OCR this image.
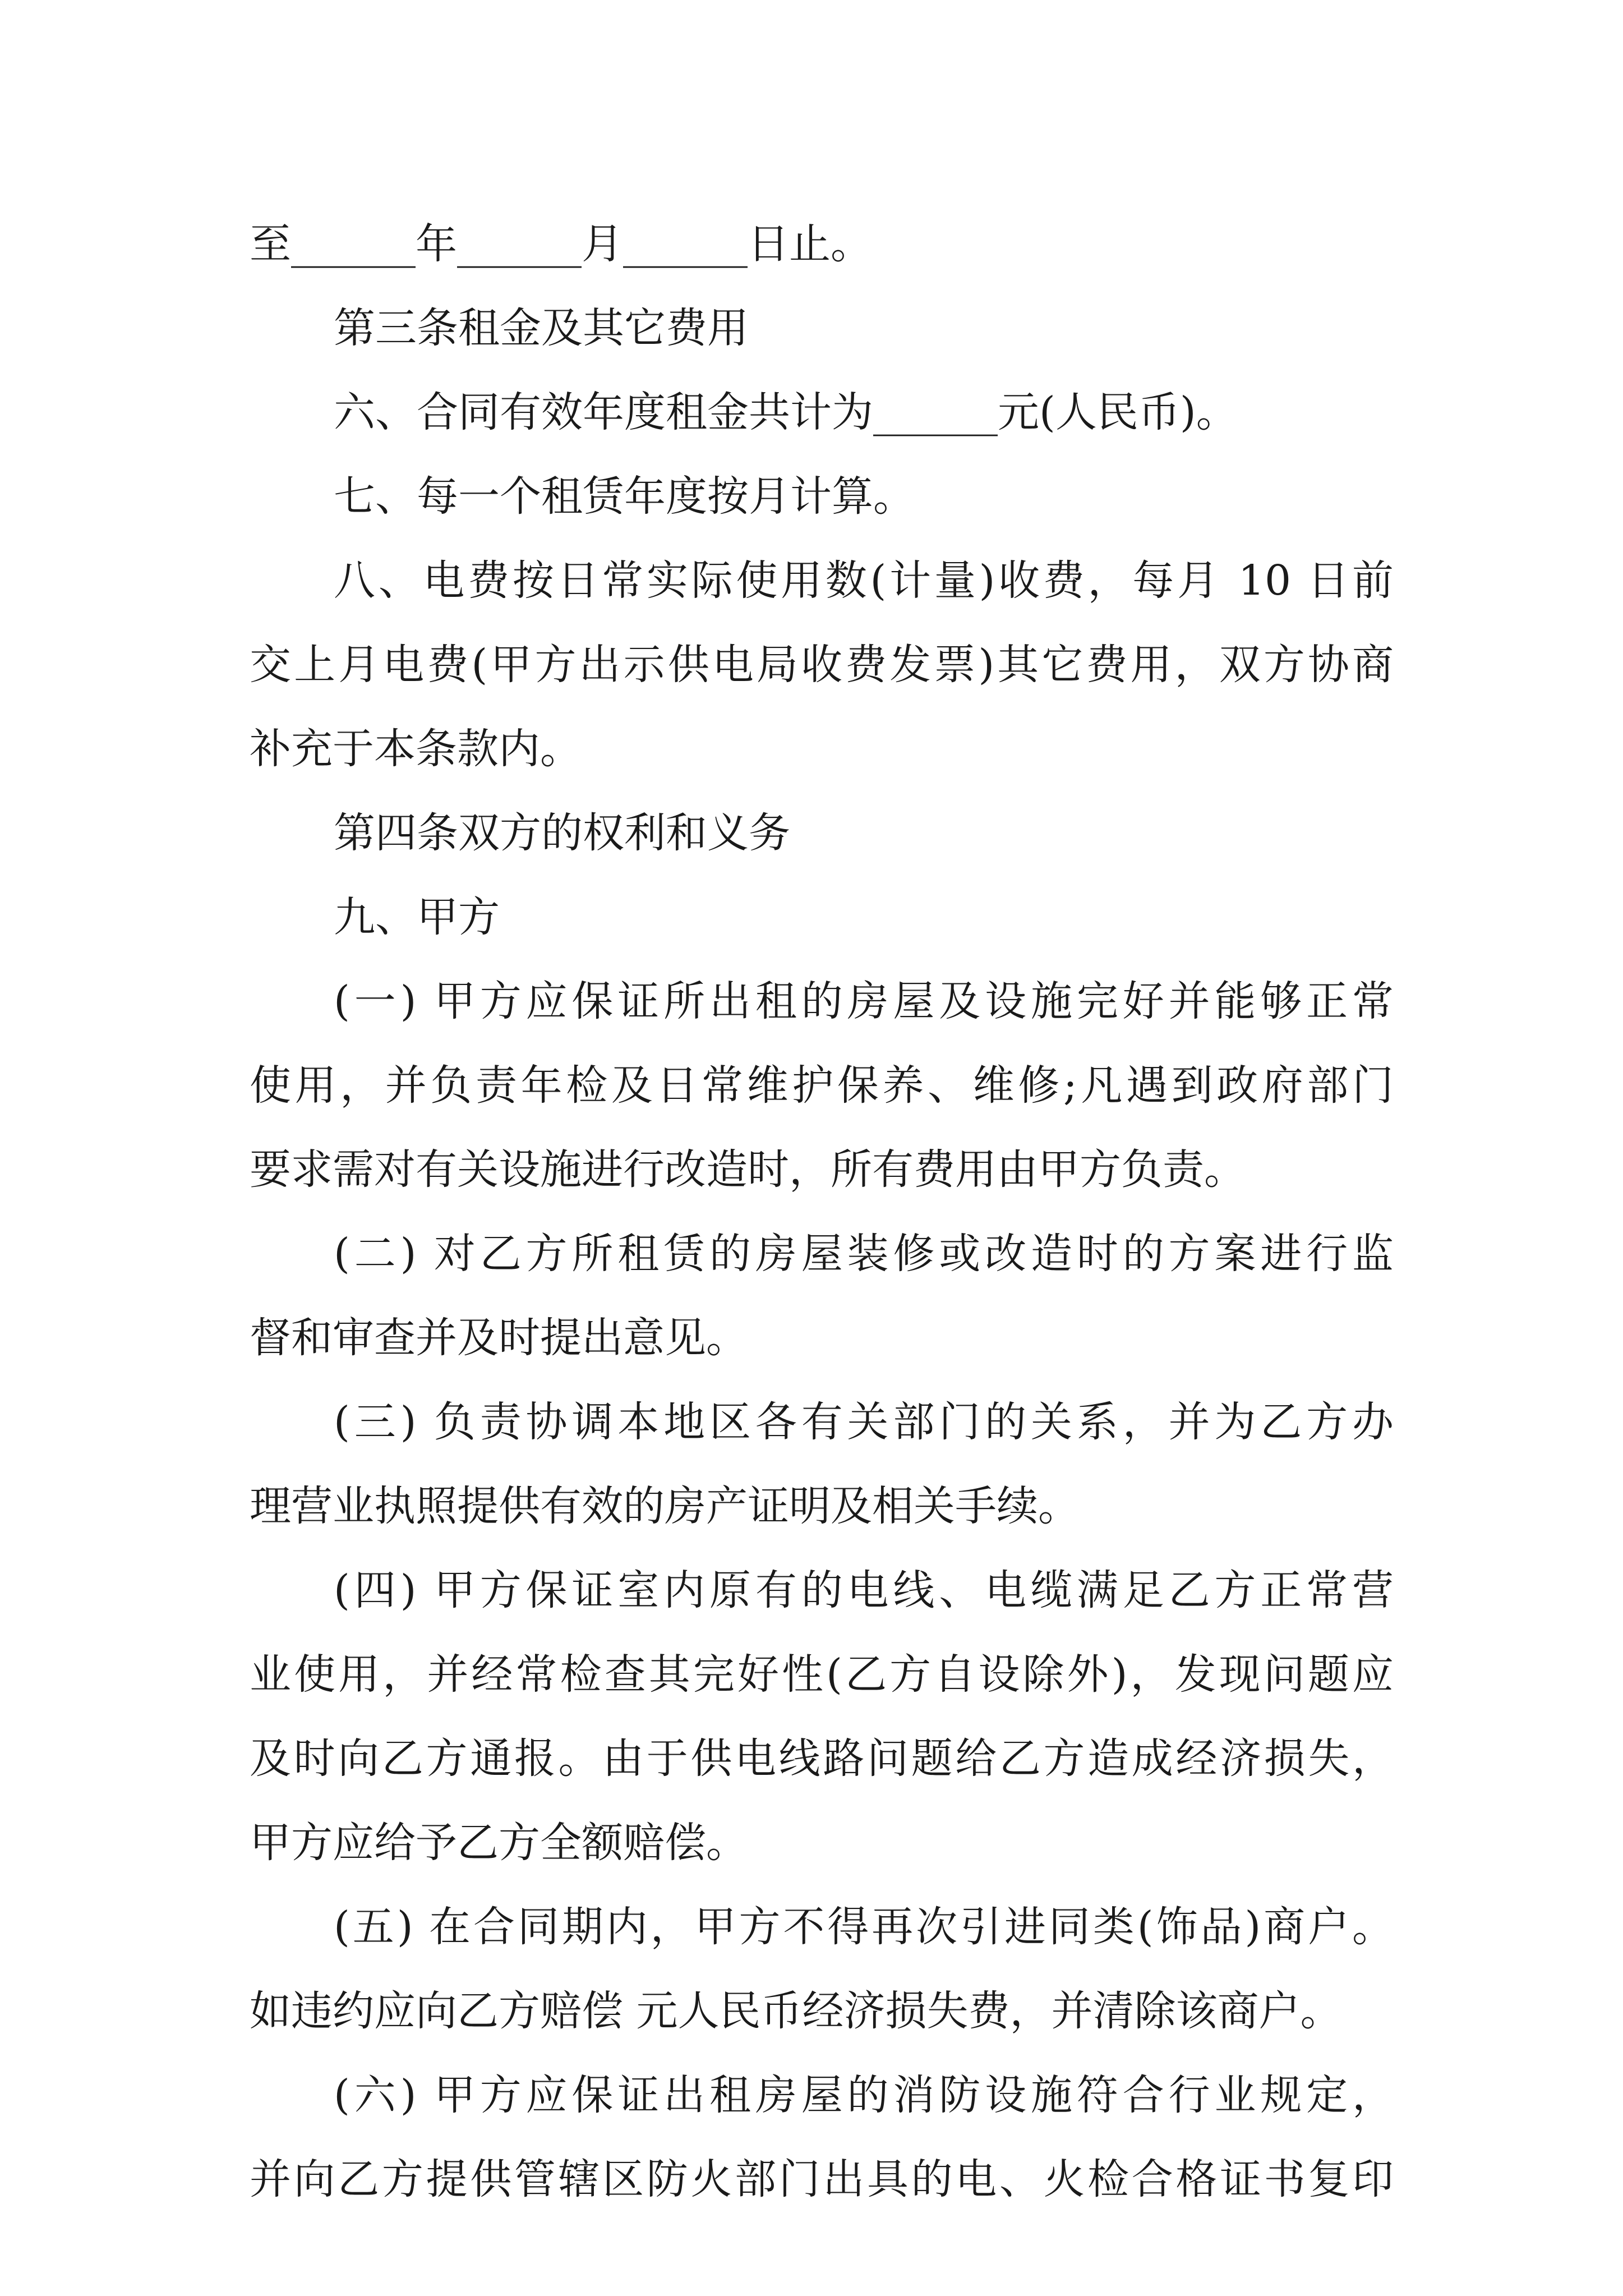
至______年______月______日止。
第三条租金及其它费用
六、合同有效年度租金共计为______元(人民币)。
七、每一个租赁年度按月计算。
八、电费按日常实际使用数(计量)收费，每月 10 日前
交上月电费(甲方出示供电局收费发票)其它费用，双方协商
补充于本条款内。
第四条双方的权利和义务
九、甲方
(一) 甲方应保证所出租的房屋及设施完好并能够正常
使用，并负责年检及日常维护保养、维修;凡遇到政府部门
要求需对有关设施进行改造时，所有费用由甲方负责。
(二) 对乙方所租赁的房屋装修或改造时的方案进行监
督和审查并及时提出意见。
(三) 负责协调本地区各有关部门的关系，并为乙方办
理营业执照提供有效的房产证明及相关手续。
(四) 甲方保证室内原有的电线、电缆满足乙方正常营
业使用，并经常检查其完好性(乙方自设除外)，发现问题应
及时向乙方通报。由于供电线路问题给乙方造成经济损失，
甲方应给予乙方全额赔偿。
(五) 在合同期内，甲方不得再次引进同类(饰品)商户。
如违约应向乙方赔偿 元人民币经济损失费，并清除该商户。
(六) 甲方应保证出租房屋的消防设施符合行业规定，
并向乙方提供管辖区防火部门出具的电、火检合格证书复印
